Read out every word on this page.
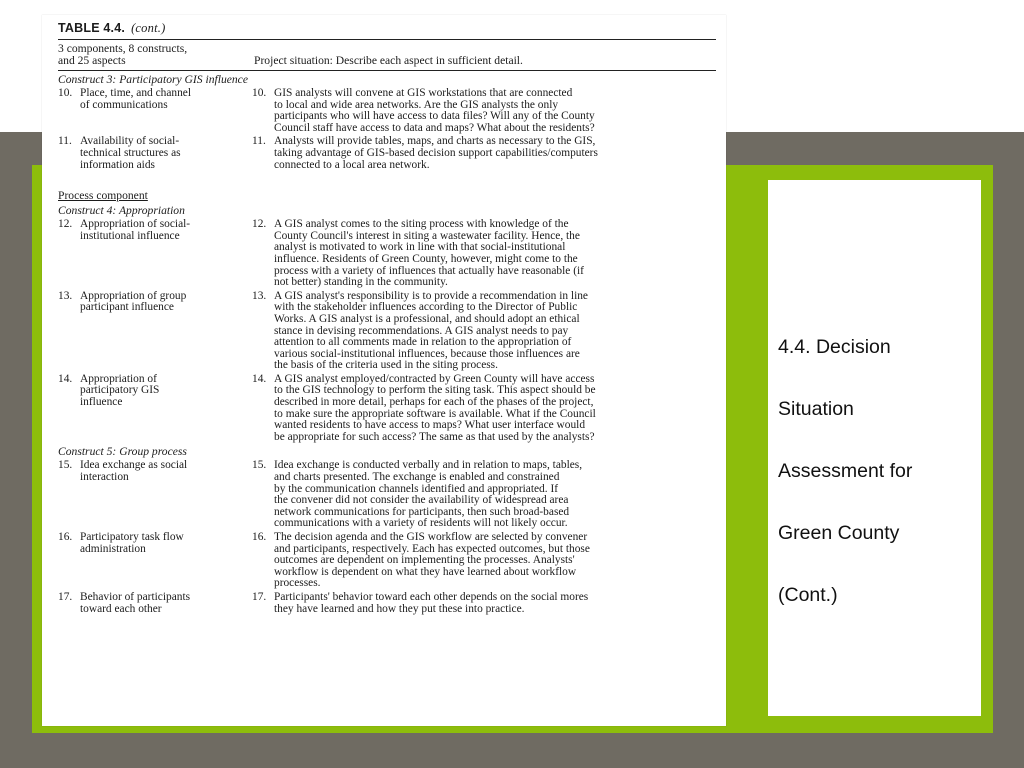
TABLE 4.4. (cont.)
3 components, 8 constructs,
and 25 aspects	Project situation: Describe each aspect in sufficient detail.
Construct 3: Participatory GIS influence
10. Place, time, and channel
of communications
10. GIS analysts will convene at GIS workstations that are connected
to local and wide area networks. Are the GIS analysts the only
participants who will have access to data files? Will any of the County
Council staff have access to data and maps? What about the residents?
11. Availability of social-
technical structures as
information aids
11. Analysts will provide tables, maps, and charts as necessary to the GIS,
taking advantage of GIS-based decision support capabilities/computers
connected to a local area network.
Process component
Construct 4: Appropriation
12. Appropriation of social-
institutional influence
12. A GIS analyst comes to the siting process with knowledge of the
County Council's interest in siting a wastewater facility. Hence, the
analyst is motivated to work in line with that social-institutional
influence. Residents of Green County, however, might come to the
process with a variety of influences that actually have reasonable (if
not better) standing in the community.
13. Appropriation of group
participant influence
13. A GIS analyst's responsibility is to provide a recommendation in line
with the stakeholder influences according to the Director of Public
Works. A GIS analyst is a professional, and should adopt an ethical
stance in devising recommendations. A GIS analyst needs to pay
attention to all comments made in relation to the appropriation of
various social-institutional influences, because those influences are
the basis of the criteria used in the siting process.
14. Appropriation of
participatory GIS
influence
14. A GIS analyst employed/contracted by Green County will have access
to the GIS technology to perform the siting task. This aspect should be
described in more detail, perhaps for each of the phases of the project,
to make sure the appropriate software is available. What if the Council
wanted residents to have access to maps? What user interface would
be appropriate for such access? The same as that used by the analysts?
Construct 5: Group process
15. Idea exchange as social
interaction
15. Idea exchange is conducted verbally and in relation to maps, tables,
and charts presented. The exchange is enabled and constrained
by the communication channels identified and appropriated. If
the convener did not consider the availability of widespread area
network communications for participants, then such broad-based
communications with a variety of residents will not likely occur.
16. Participatory task flow
administration
16. The decision agenda and the GIS workflow are selected by convener
and participants, respectively. Each has expected outcomes, but those
outcomes are dependent on implementing the processes. Analysts'
workflow is dependent on what they have learned about workflow
processes.
17. Behavior of participants
toward each other
17. Participants' behavior toward each other depends on the social mores
they have learned and how they put these into practice.
4.4. Decision
Situation
Assessment for
Green County
(Cont.)
